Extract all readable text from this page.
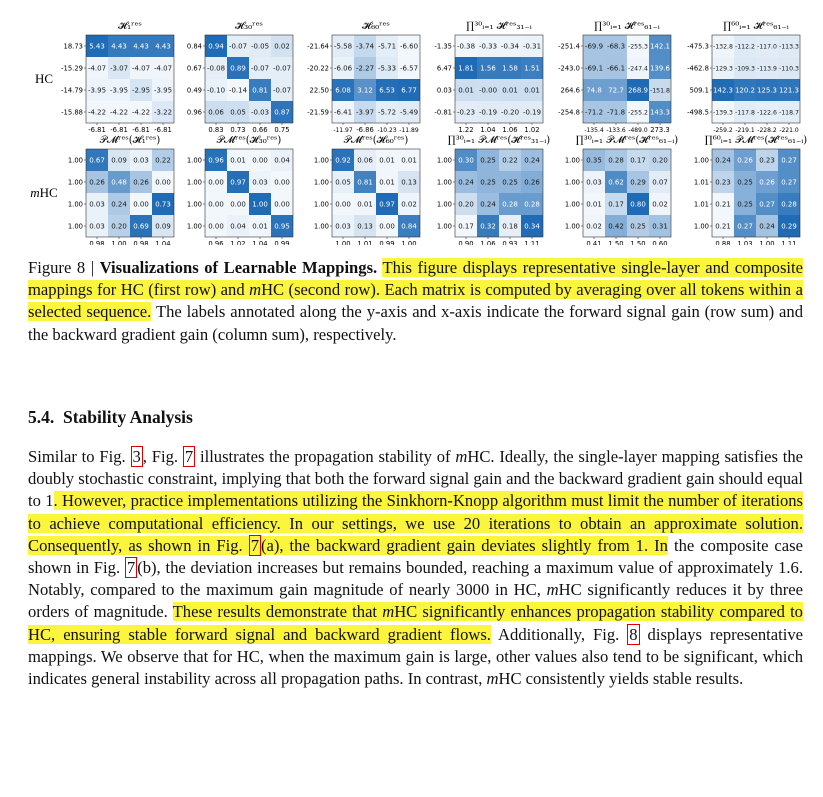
HC
mHC
𝓗₁ʳᵉˢ
5.43 4.43 4.43 4.43
-4.07 -3.07 -4.07 -4.07
-3.95 -3.95 -2.95 -3.95
-4.22 -4.22 -4.22 -3.22
18.73
-15.29
-14.79
-15.88
-6.81 -6.81 -6.81 -6.81
𝓗₃₀ʳᵉˢ
0.94 -0.07 -0.05 0.02
-0.08 0.89 -0.07 -0.07
-0.10 -0.14 0.81 -0.07
0.06 0.05 -0.03 0.87
0.84
0.67
0.49
0.96
0.83 0.73 0.66 0.75
𝓗₆₀ʳᵉˢ
-5.58 -3.74 -5.71 -6.60
-6.06 -2.27 -5.33 -6.57
6.08 3.12 6.53 6.77
-6.41 -3.97 -5.72 -5.49
-21.64
-20.22
22.50
-21.59
-11.97 -6.86 -10.23 -11.89
∏³⁰ᵢ₌₁ 𝓗ʳᵉˢ₃₁₋ᵢ
-0.38 -0.33 -0.34 -0.31
1.81 1.56 1.58 1.51
0.01 -0.00 0.01 0.01
-0.23 -0.19 -0.20 -0.19
-1.35
6.47
0.03
-0.81
1.22 1.04 1.06 1.02
∏³⁰ᵢ₌₁ 𝓗ʳᵉˢ₆₁₋ᵢ
-69.9 -68.3 -255.3 142.1
-69.1 -66.1 -247.4 139.6
74.8 72.7 268.9 -151.8
-71.2 -71.8 -255.2 143.3
-251.4
-243.0
264.6
-254.8
-135.4 -133.6 -489.0 273.3
∏⁶⁰ᵢ₌₁ 𝓗ʳᵉˢ₆₁₋ᵢ
-132.8 -112.2 -117.0 -113.3
-129.3 -109.3 -113.9 -110.3
142.3 120.2 125.3 121.3
-139.3 -117.8 -122.6 -118.7
-475.3
-462.8
509.1
-498.5
-259.2 -219.1 -228.2 -221.0
𝒫𝓜ʳᵉˢ(𝓗₁ʳᵉˢ)
0.67 0.09 0.03 0.22
0.26 0.48 0.26 0.00
0.03 0.24 0.00 0.73
0.03 0.20 0.69 0.09
1.00
1.00
1.00
1.00
0.98 1.00 0.98 1.04
𝒫𝓜ʳᵉˢ(𝓗₃₀ʳᵉˢ)
0.96 0.01 0.00 0.04
0.00 0.97 0.03 0.00
0.00 0.00 1.00 0.00
0.00 0.04 0.01 0.95
1.00
1.00
1.00
1.00
0.96 1.02 1.04 0.99
𝒫𝓜ʳᵉˢ(𝓗₆₀ʳᵉˢ)
0.92 0.06 0.01 0.01
0.05 0.81 0.01 0.13
0.00 0.01 0.97 0.02
0.03 0.13 0.00 0.84
1.00
1.00
1.00
1.00
1.00 1.01 0.99 1.00
∏³⁰ᵢ₌₁ 𝒫𝓜ʳᵉˢ(𝓗ʳᵉˢ₃₁₋ᵢ)
0.30 0.25 0.22 0.24
0.24 0.25 0.25 0.26
0.20 0.24 0.28 0.28
0.17 0.32 0.18 0.34
1.00
1.00
1.00
1.00
0.90 1.06 0.93 1.11
∏³⁰ᵢ₌₁ 𝒫𝓜ʳᵉˢ(𝓗ʳᵉˢ₆₁₋ᵢ)
0.35 0.28 0.17 0.20
0.03 0.62 0.29 0.07
0.01 0.17 0.80 0.02
0.02 0.42 0.25 0.31
1.00
1.00
1.00
1.00
0.41 1.50 1.50 0.60
∏⁶⁰ᵢ₌₁ 𝒫𝓜ʳᵉˢ(𝓗ʳᵉˢ₆₁₋ᵢ)
0.24 0.26 0.23 0.27
0.23 0.25 0.26 0.27
0.21 0.25 0.27 0.28
0.21 0.27 0.24 0.29
1.00
1.01
1.01
1.00
0.88 1.03 1.00 1.11
Figure 8 | Visualizations of Learnable Mappings. This figure displays representative single-layer and composite mappings for HC (first row) and mHC (second row). Each matrix is computed by averaging over all tokens within a selected sequence. The labels annotated along the y-axis and x-axis indicate the forward signal gain (row sum) and the backward gradient gain (column sum), respectively.
5.4. Stability Analysis
Similar to Fig. 3 , Fig. 7 illustrates the propagation stability of mHC. Ideally, the single-layer mapping satisfies the doubly stochastic constraint, implying that both the forward signal gain and the backward gradient gain should equal to 1. However, practice implementations utilizing the Sinkhorn-Knopp algorithm must limit the number of iterations to achieve computational efficiency. In our settings, we use 20 iterations to obtain an approximate solution. Consequently, as shown in Fig. 7 (a), the backward gradient gain deviates slightly from 1. In the composite case shown in Fig. 7 (b), the deviation increases but remains bounded, reaching a maximum value of approximately 1.6. Notably, compared to the maximum gain magnitude of nearly 3000 in HC, mHC significantly reduces it by three orders of magnitude. These results demonstrate that mHC significantly enhances propagation stability compared to HC, ensuring stable forward signal and backward gradient flows. Additionally, Fig. 8 displays representative mappings. We observe that for HC, when the maximum gain is large, other values also tend to be significant, which indicates general instability across all propagation paths. In contrast, mHC consistently yields stable results.
